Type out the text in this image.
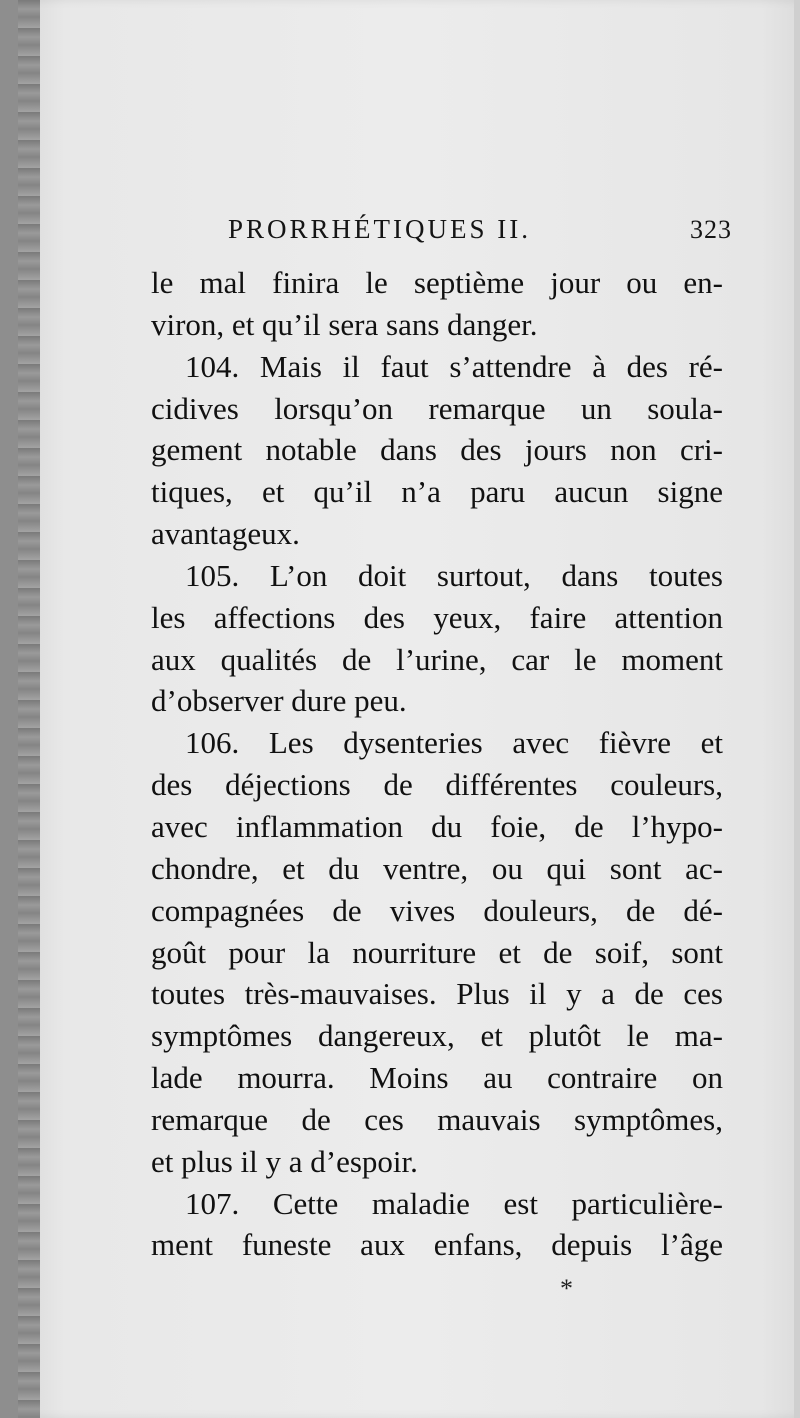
PRORRHÉTIQUES II.	323
le mal finira le septième jour ou en-
viron, et qu’il sera sans danger.
104. Mais il faut s’attendre à des ré-
cidives lorsqu’on remarque un soula-
gement notable dans des jours non cri-
tiques, et qu’il n’a paru aucun signe
avantageux.
105. L’on doit surtout, dans toutes
les affections des yeux, faire attention
aux qualités de l’urine, car le moment
d’observer dure peu.
106. Les dysenteries avec fièvre et
des déjections de différentes couleurs,
avec inflammation du foie, de l’hypo-
chondre, et du ventre, ou qui sont ac-
compagnées de vives douleurs, de dé-
goût pour la nourriture et de soif, sont
toutes très-mauvaises. Plus il y a de ces
symptômes dangereux, et plutôt le ma-
lade mourra. Moins au contraire on
remarque de ces mauvais symptômes,
et plus il y a d’espoir.
107. Cette maladie est particulière-
ment funeste aux enfans, depuis l’âge
*
